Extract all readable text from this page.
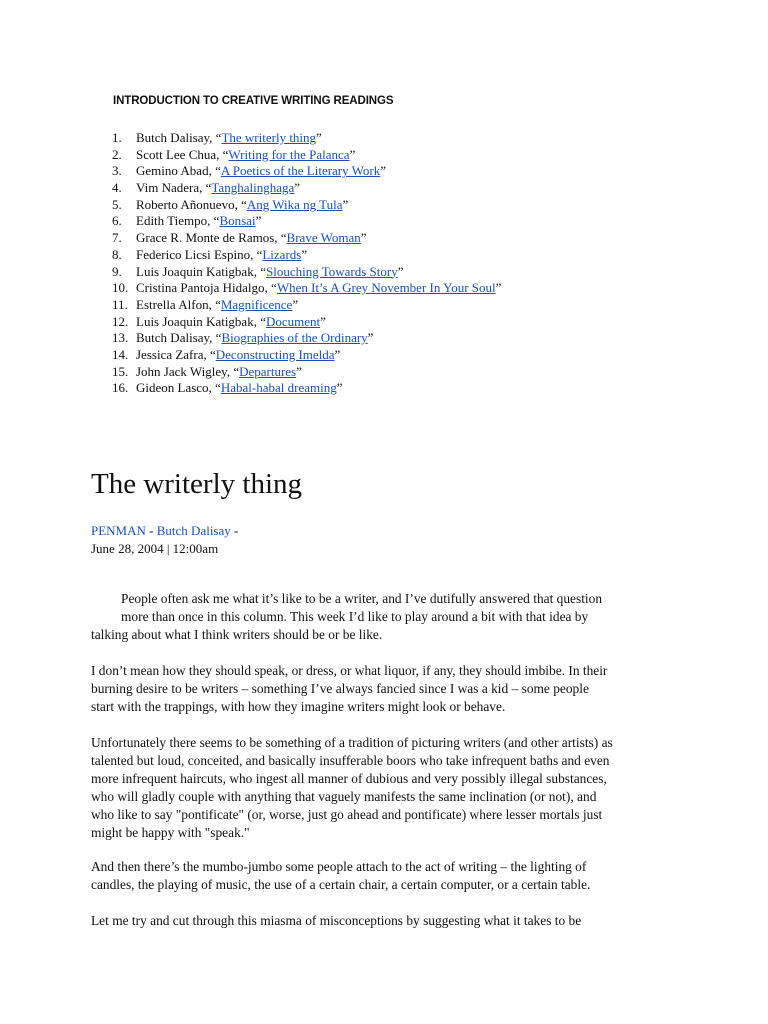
INTRODUCTION TO CREATIVE WRITING READINGS
1. Butch Dalisay, “The writerly thing”
2. Scott Lee Chua, “Writing for the Palanca”
3. Gemino Abad, “A Poetics of the Literary Work”
4. Vim Nadera, “Tanghalinghaga”
5. Roberto Añonuevo, “Ang Wika ng Tula”
6. Edith Tiempo, “Bonsai”
7. Grace R. Monte de Ramos, “Brave Woman”
8. Federico Licsi Espino, “Lizards”
9. Luis Joaquin Katigbak, “Slouching Towards Story”
10. Cristina Pantoja Hidalgo, “When It’s A Grey November In Your Soul”
11. Estrella Alfon, “Magnificence”
12. Luis Joaquin Katigbak, “Document”
13. Butch Dalisay, “Biographies of the Ordinary”
14. Jessica Zafra, “Deconstructing Imelda”
15. John Jack Wigley, “Departures”
16. Gideon Lasco, “Habal-habal dreaming”
The writerly thing
PENMAN - Butch Dalisay -
June 28, 2004 | 12:00am

People often ask me what it’s like to be a writer, and I’ve dutifully answered that question
more than once in this column. This week I’d like to play around a bit with that idea by
talking about what I think writers should be or be like.

I don’t mean how they should speak, or dress, or what liquor, if any, they should imbibe. In their
burning desire to be writers – something I’ve always fancied since I was a kid – some people
start with the trappings, with how they imagine writers might look or behave.

Unfortunately there seems to be something of a tradition of picturing writers (and other artists) as
talented but loud, conceited, and basically insufferable boors who take infrequent baths and even
more infrequent haircuts, who ingest all manner of dubious and very possibly illegal substances,
who will gladly couple with anything that vaguely manifests the same inclination (or not), and
who like to say "pontificate" (or, worse, just go ahead and pontificate) where lesser mortals just
might be happy with "speak."

And then there’s the mumbo-jumbo some people attach to the act of writing – the lighting of
candles, the playing of music, the use of a certain chair, a certain computer, or a certain table.

Let me try and cut through this miasma of misconceptions by suggesting what it takes to be
